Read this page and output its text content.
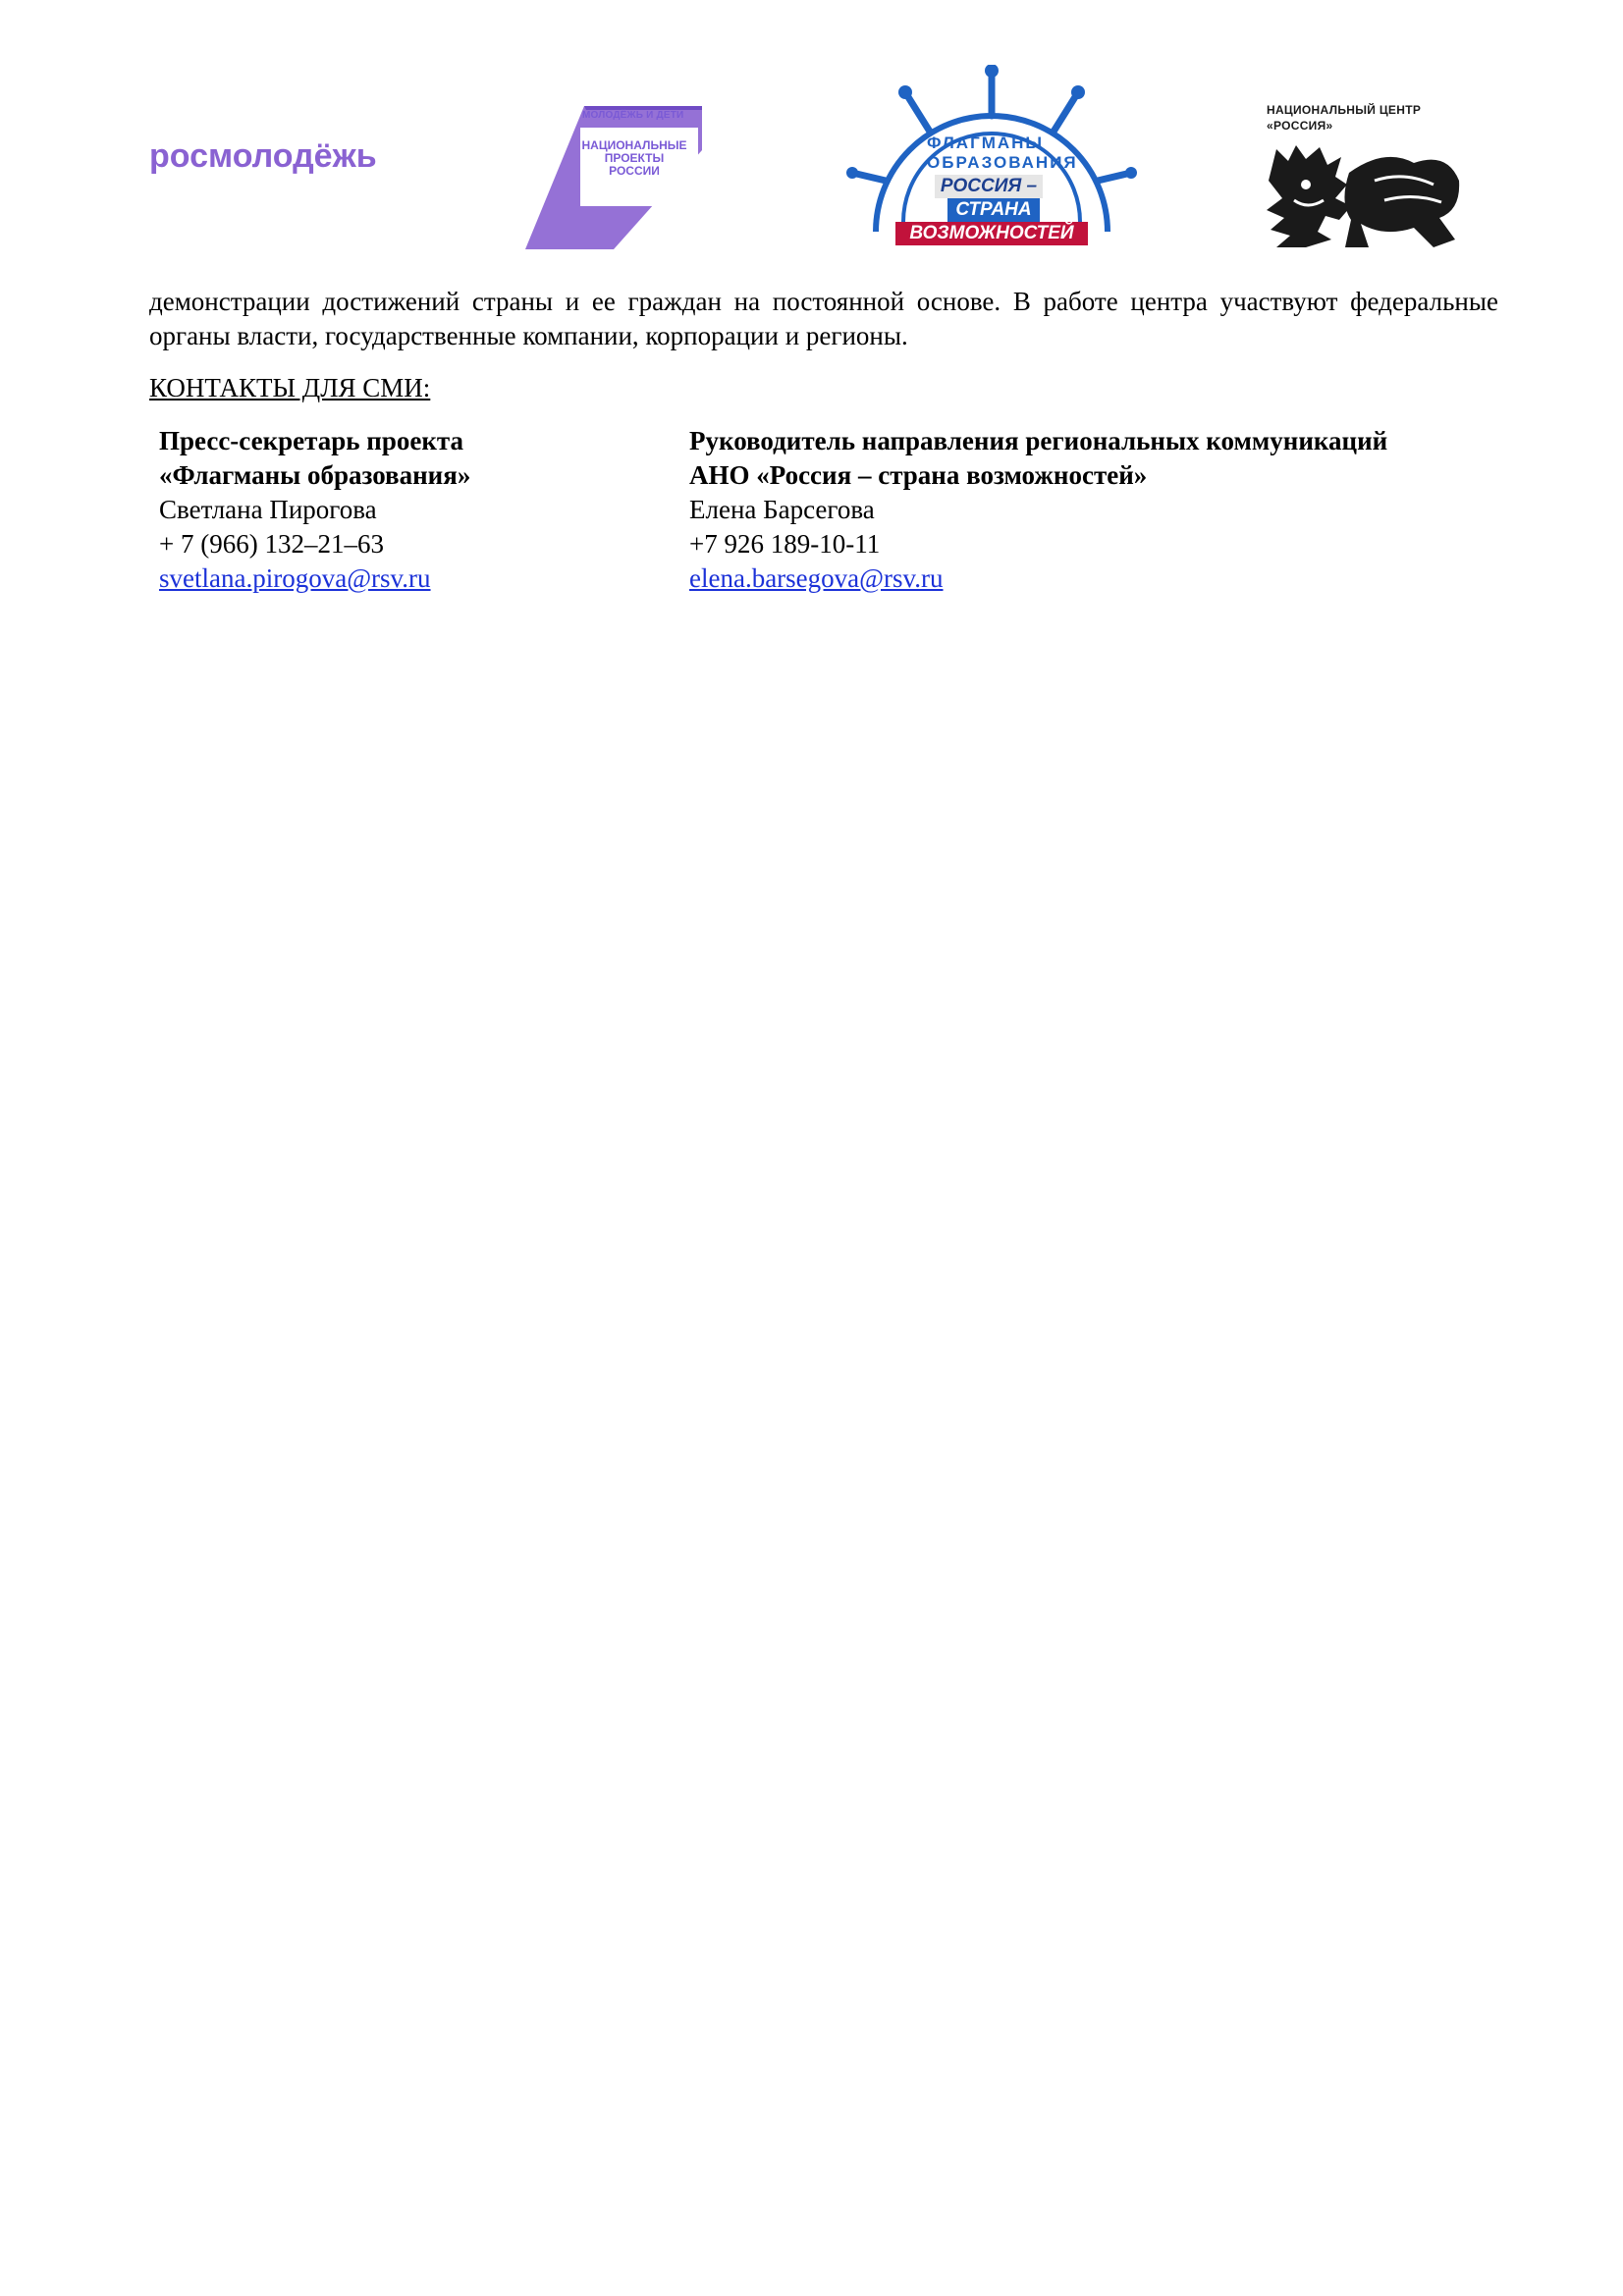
росмолодёжь
МОЛОДЁЖЬ И ДЕТИ
НАЦИОНАЛЬНЫЕ
ПРОЕКТЫ
РОССИИ
ФЛАГМАНЫ ОБРАЗОВАНИЯ
РОССИЯ –
СТРАНА
ВОЗМОЖНОСТЕЙ
НАЦИОНАЛЬНЫЙ ЦЕНТР
«РОССИЯ»
демонстрации достижений страны и ее граждан на постоянной основе. В работе центра участвуют федеральные органы власти, государственные компании, корпорации и регионы.
КОНТАКТЫ ДЛЯ СМИ:
Пресс-секретарь проекта
«Флагманы образования»
Светлана Пирогова
+ 7 (966) 132–21–63
svetlana.pirogova@rsv.ru
Руководитель направления региональных коммуникаций
АНО «Россия – страна возможностей»
Елена Барсегова
+7 926 189-10-11
elena.barsegova@rsv.ru
